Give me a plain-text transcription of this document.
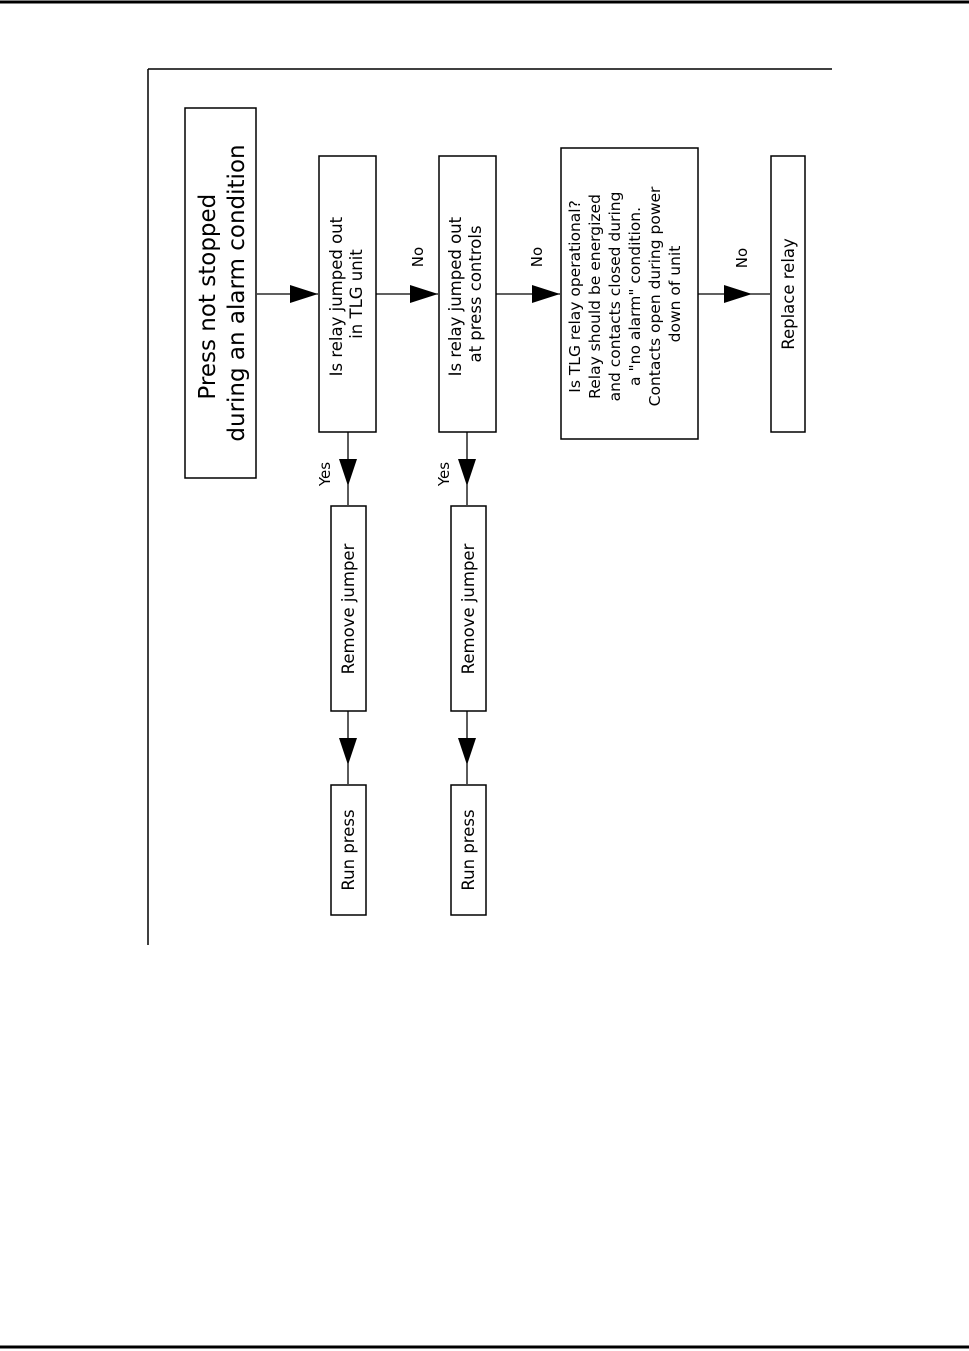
Press not stopped during an alarm condition	Is relay jumped out in TLG unit	Is relay jumped out at press controls	Is TLG relay operational? Relay should be energized and contacts closed during a "no alarm" condition. Contacts open during power down of unit	Replace relay
Remove jumper	Remove jumper
Run press	Run press
No	No	No
Yes	Yes
